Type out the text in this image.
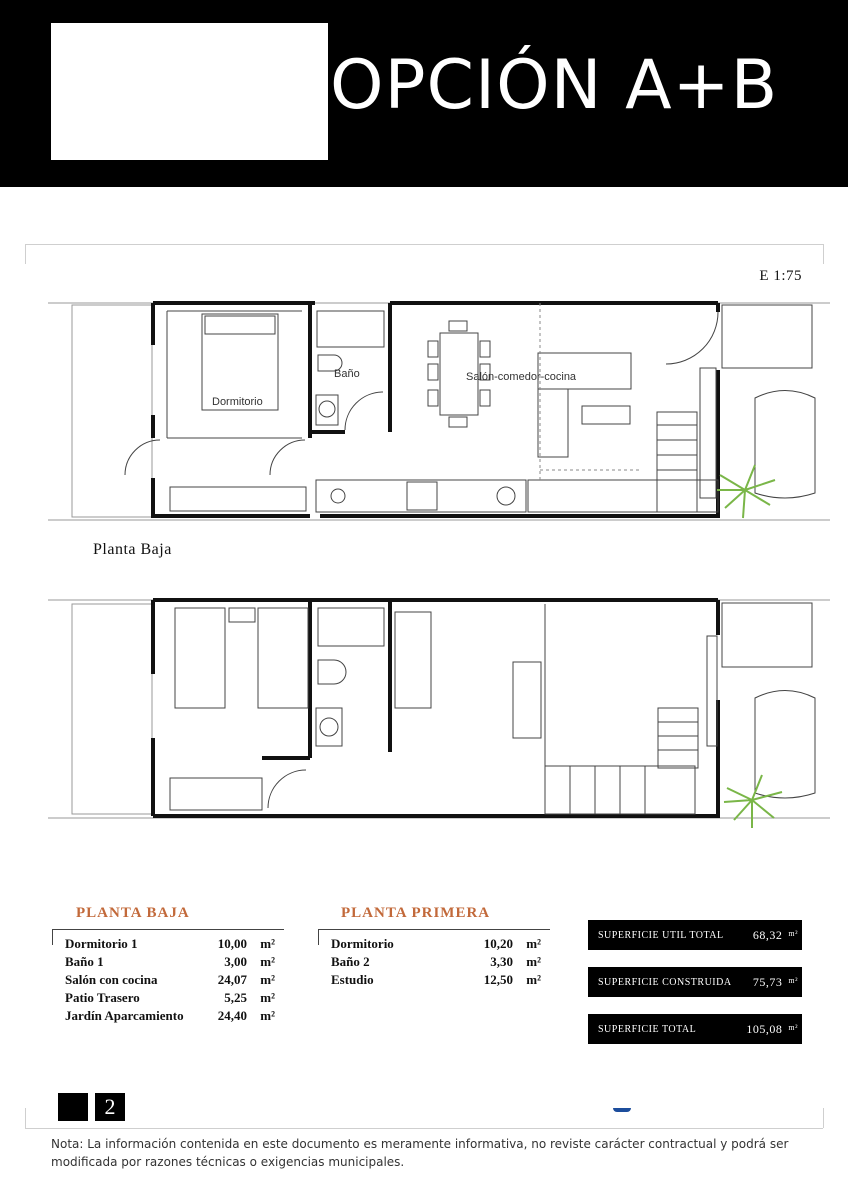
OPCIÓN A+B
E 1:75
Dormitorio
Baño	Salón-comedor-cocina
Planta Baja
PLANTA BAJA
Dormitorio 1	10,00	m²
Baño 1	3,00	m²
Salón con cocina	24,07	m²
Patio Trasero	5,25	m²
Jardín Aparcamiento	24,40	m²
PLANTA PRIMERA
Dormitorio	10,20	m²
Baño 2	3,30	m²
Estudio	12,50	m²
SUPERFICIE UTIL TOTAL	68,32 m²
SUPERFICIE CONSTRUIDA	75,73 m²
SUPERFICIE TOTAL	105,08 m²
2
Nota: La información contenida en este documento es meramente informativa, no reviste carácter contractual y podrá ser modificada por razones técnicas o exigencias municipales.
